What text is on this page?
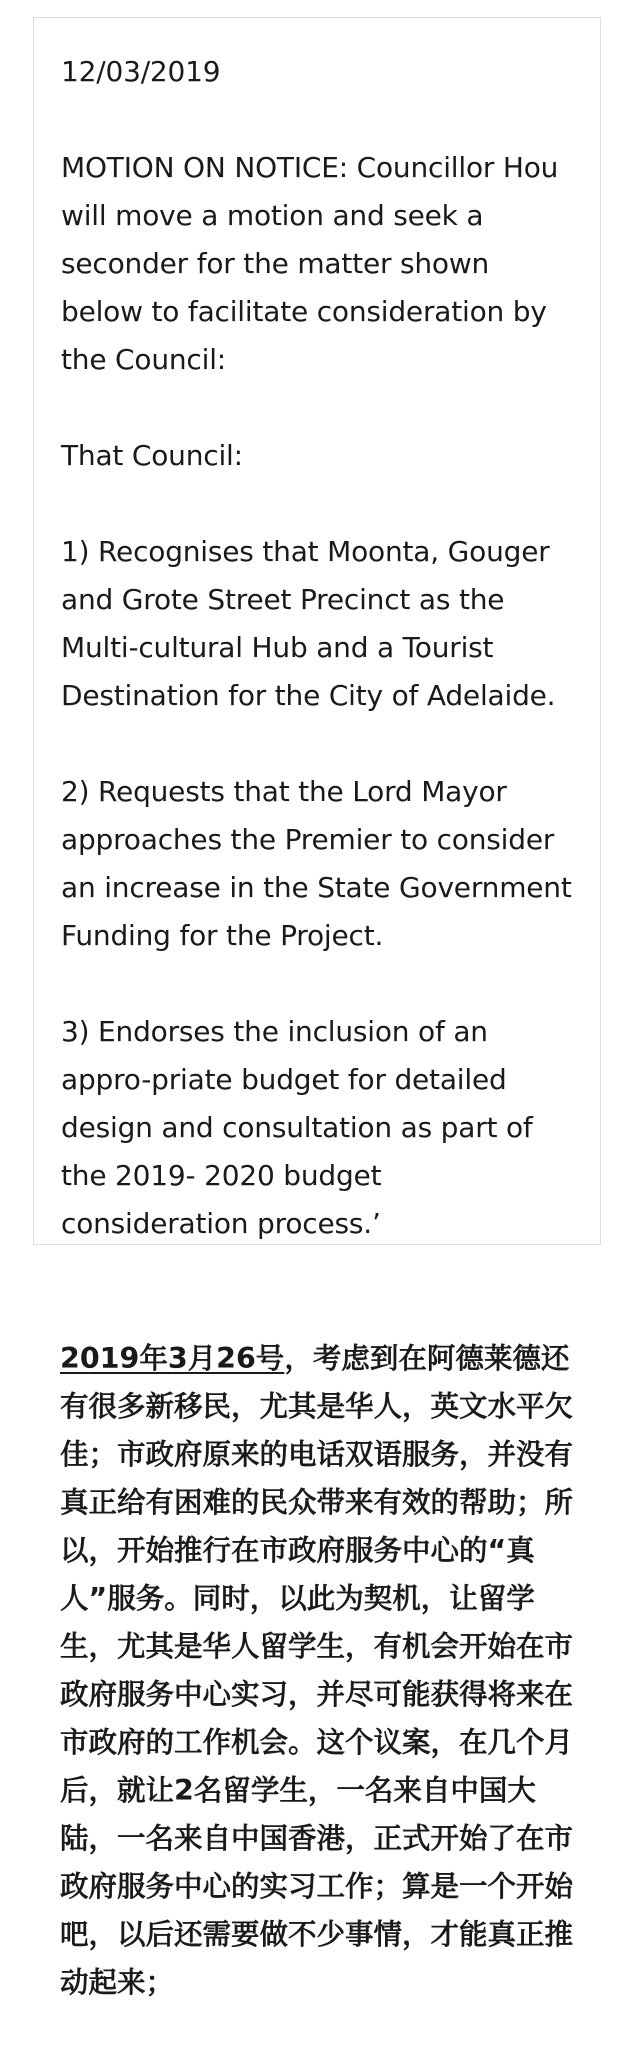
12/03/2019

MOTION ON NOTICE: Councillor Hou will move a motion and seek a seconder for the matter shown below to facilitate consideration by the Council:

That Council:

1) Recognises that Moonta, Gouger and Grote Street Precinct as the Multi-cultural Hub and a Tourist Destination for the City of Adelaide.

2) Requests that the Lord Mayor approaches the Premier to consider an increase in the State Government Funding for the Project.

3) Endorses the inclusion of an appro-priate budget for detailed design and consultation as part of the 2019- 2020 budget consideration process.’

2019年3月26号，考虑到在阿德莱德还有很多新移民，尤其是华人，英文水平欠佳；市政府原来的电话双语服务，并没有真正给有困难的民众带来有效的帮助；所以，开始推行在市政府服务中心的“真人”服务。同时，以此为契机，让留学生，尤其是华人留学生，有机会开始在市政府服务中心实习，并尽可能获得将来在市政府的工作机会。这个议案，在几个月后，就让2名留学生，一名来自中国大陆，一名来自中国香港，正式开始了在市政府服务中心的实习工作；算是一个开始吧，以后还需要做不少事情，才能真正推动起来；
